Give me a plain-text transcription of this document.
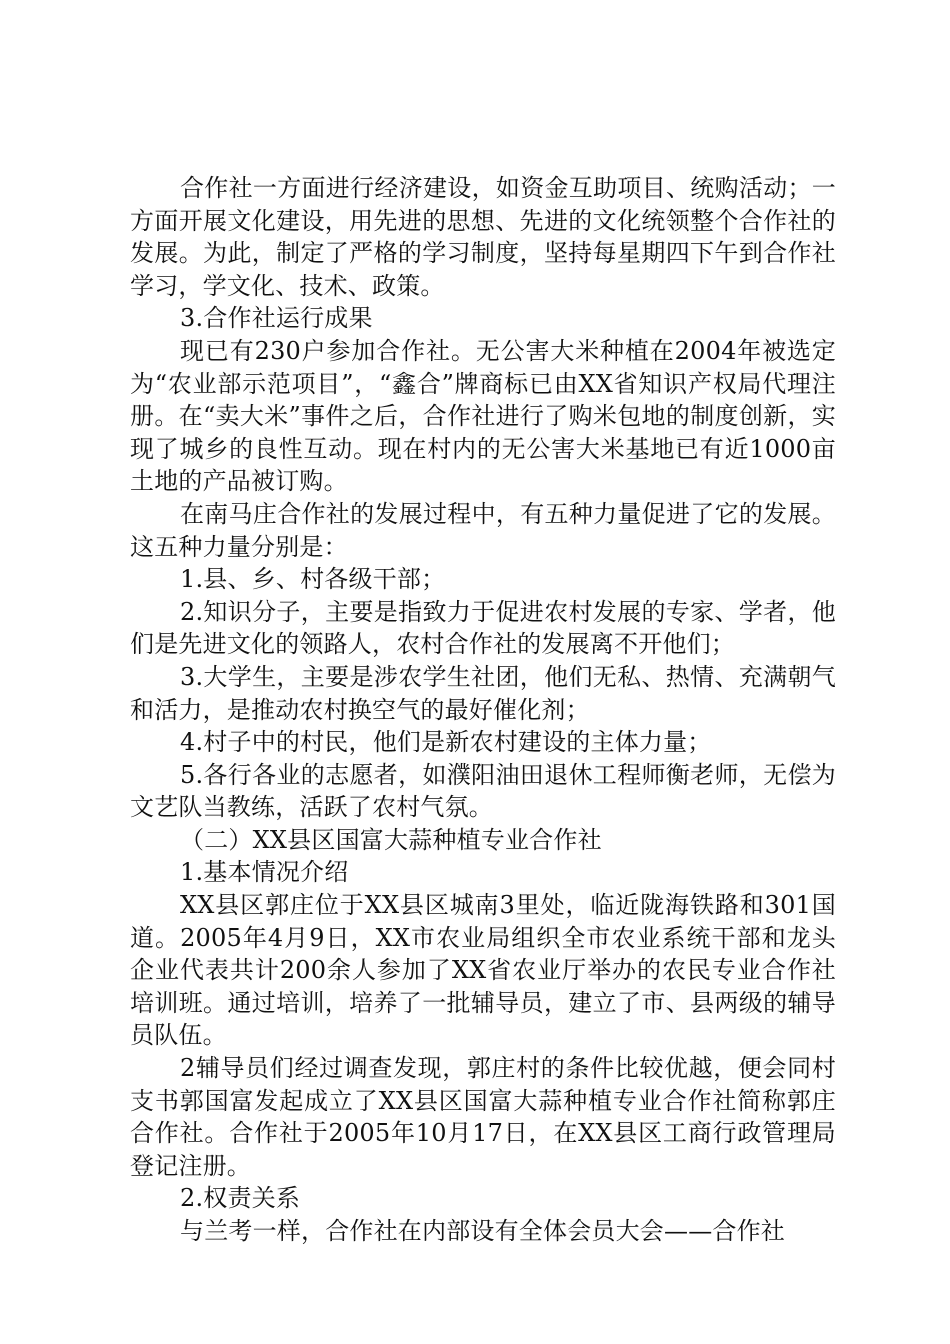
合作社一方面进行经济建设，如资金互助项目、统购活动；一方面开展文化建设，用先进的思想、先进的文化统领整个合作社的发展。为此，制定了严格的学习制度，坚持每星期四下午到合作社学习，学文化、技术、政策。

3.合作社运行成果

现已有230户参加合作社。无公害大米种植在2004年被选定为“农业部示范项目”，“鑫合”牌商标已由XX省知识产权局代理注册。在“卖大米”事件之后，合作社进行了购米包地的制度创新，实现了城乡的良性互动。现在村内的无公害大米基地已有近1000亩土地的产品被订购。

在南马庄合作社的发展过程中，有五种力量促进了它的发展。这五种力量分别是：

1.县、乡、村各级干部；

2.知识分子，主要是指致力于促进农村发展的专家、学者，他们是先进文化的领路人，农村合作社的发展离不开他们；

3.大学生，主要是涉农学生社团，他们无私、热情、充满朝气和活力，是推动农村换空气的最好催化剂；

4.村子中的村民，他们是新农村建设的主体力量；

5.各行各业的志愿者，如濮阳油田退休工程师衡老师，无偿为文艺队当教练，活跃了农村气氛。

（二）XX县区国富大蒜种植专业合作社

1.基本情况介绍

XX县区郭庄位于XX县区城南3里处，临近陇海铁路和301国道。2005年4月9日，XX市农业局组织全市农业系统干部和龙头企业代表共计200余人参加了XX省农业厅举办的农民专业合作社培训班。通过培训，培养了一批辅导员，建立了市、县两级的辅导员队伍。

2辅导员们经过调查发现，郭庄村的条件比较优越，便会同村支书郭国富发起成立了XX县区国富大蒜种植专业合作社简称郭庄合作社。合作社于2005年10月17日，在XX县区工商行政管理局登记注册。

2.权责关系

与兰考一样，合作社在内部设有全体会员大会——合作社
